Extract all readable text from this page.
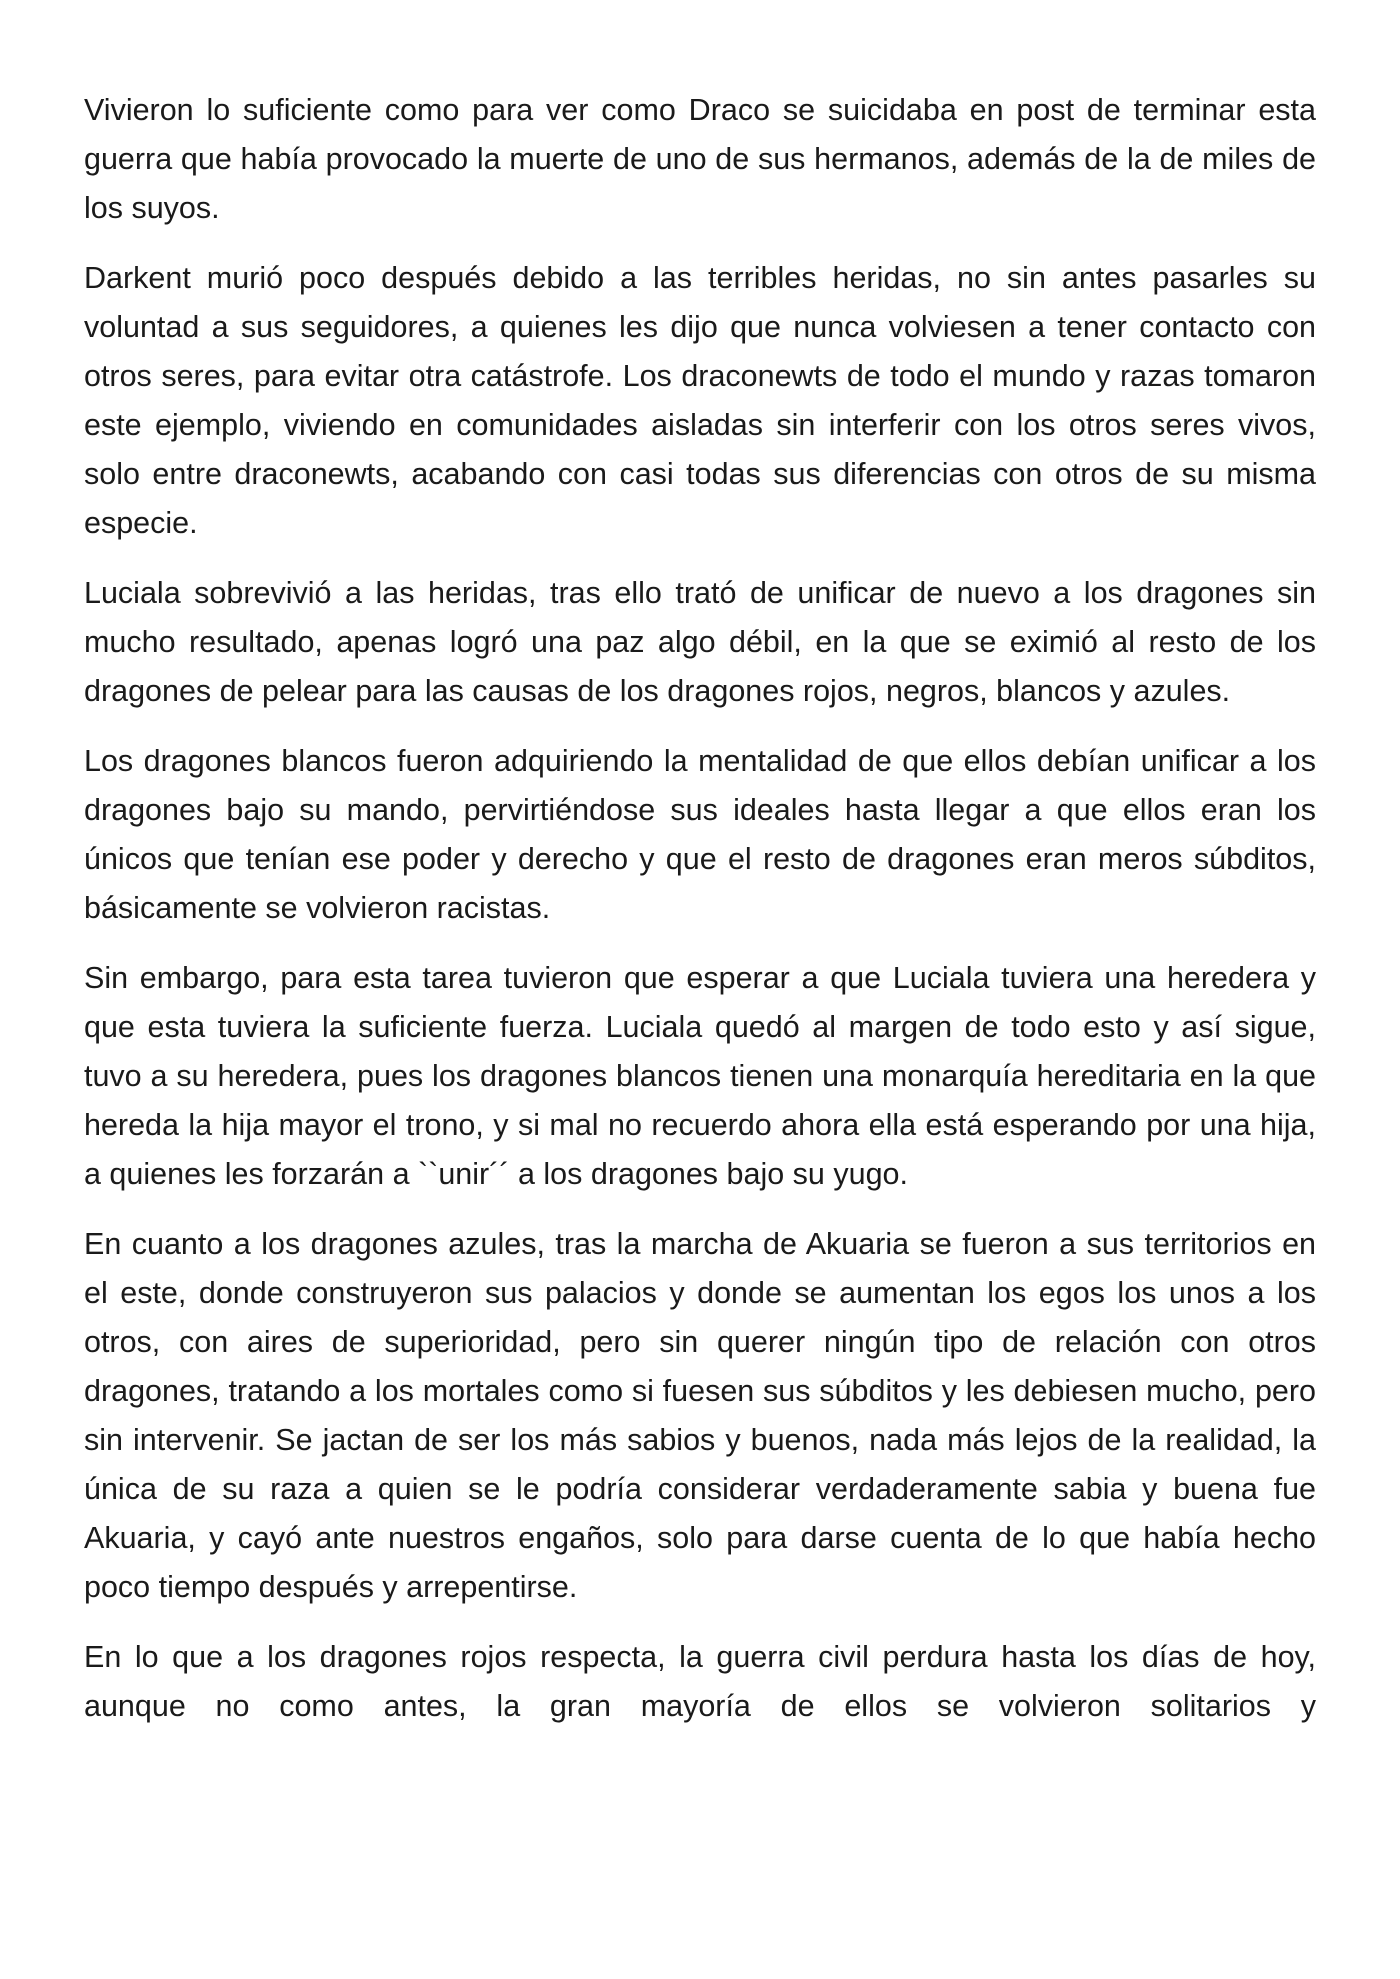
Vivieron lo suficiente como para ver como Draco se suicidaba en post de terminar esta guerra que había provocado la muerte de uno de sus hermanos, además de la de miles de los suyos.

Darkent murió poco después debido a las terribles heridas, no sin antes pasarles su voluntad a sus seguidores, a quienes les dijo que nunca volviesen a tener contacto con otros seres, para evitar otra catástrofe. Los draconewts de todo el mundo y razas tomaron este ejemplo, viviendo en comunidades aisladas sin interferir con los otros seres vivos, solo entre draconewts, acabando con casi todas sus diferencias con otros de su misma especie.

Luciala sobrevivió a las heridas, tras ello trató de unificar de nuevo a los dragones sin mucho resultado, apenas logró una paz algo débil, en la que se eximió al resto de los dragones de pelear para las causas de los dragones rojos, negros, blancos y azules.

Los dragones blancos fueron adquiriendo la mentalidad de que ellos debían unificar a los dragones bajo su mando, pervirtiéndose sus ideales hasta llegar a que ellos eran los únicos que tenían ese poder y derecho y que el resto de dragones eran meros súbditos, básicamente se volvieron racistas.

Sin embargo, para esta tarea tuvieron que esperar a que Luciala tuviera una heredera y que esta tuviera la suficiente fuerza. Luciala quedó al margen de todo esto y así sigue, tuvo a su heredera, pues los dragones blancos tienen una monarquía hereditaria en la que hereda la hija mayor el trono, y si mal no recuerdo ahora ella está esperando por una hija, a quienes les forzarán a ``unir´´ a los dragones bajo su yugo.

En cuanto a los dragones azules, tras la marcha de Akuaria se fueron a sus territorios en el este, donde construyeron sus palacios y donde se aumentan los egos los unos a los otros, con aires de superioridad, pero sin querer ningún tipo de relación con otros dragones, tratando a los mortales como si fuesen sus súbditos y les debiesen mucho, pero sin intervenir. Se jactan de ser los más sabios y buenos, nada más lejos de la realidad, la única de su raza a quien se le podría considerar verdaderamente sabia y buena fue Akuaria, y cayó ante nuestros engaños, solo para darse cuenta de lo que había hecho poco tiempo después y arrepentirse.

En lo que a los dragones rojos respecta, la guerra civil perdura hasta los días de hoy, aunque no como antes, la gran mayoría de ellos se volvieron solitarios y
